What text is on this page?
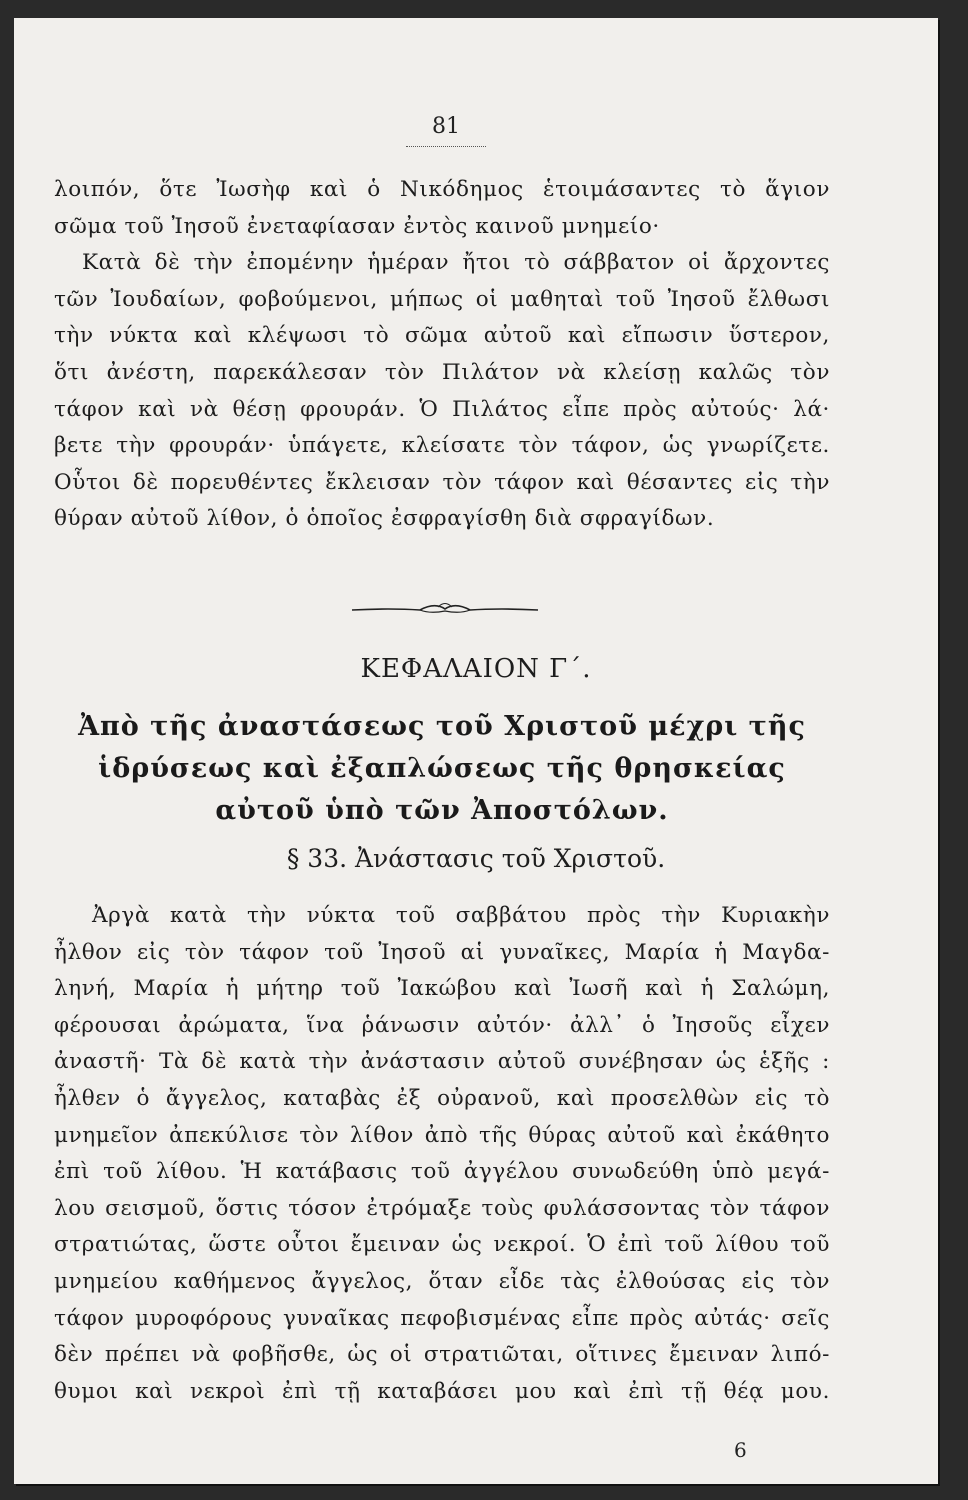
81
λοιπόν, ὅτε Ἰωσὴφ καὶ ὁ Νικόδημος ἑτοιμάσαντες τὸ ἅγιον
σῶμα τοῦ Ἰησοῦ ἐνεταφίασαν ἐντὸς καινοῦ μνημείο·
Κατὰ δὲ τὴν ἐπομένην ἡμέραν ἤτοι τὸ σάββατον οἱ ἄρχοντες
τῶν Ἰουδαίων, φοβούμενοι, μήπως οἱ μαθηταὶ τοῦ Ἰησοῦ ἔλθωσι
τὴν νύκτα καὶ κλέψωσι τὸ σῶμα αὐτοῦ καὶ εἴπωσιν ὕστερον,
ὅτι ἀνέστη, παρεκάλεσαν τὸν Πιλάτον νὰ κλείσῃ καλῶς τὸν
τάφον καὶ νὰ θέσῃ φρουράν. Ὁ Πιλάτος εἶπε πρὸς αὐτούς· λά·
βετε τὴν φρουράν· ὑπάγετε, κλείσατε τὸν τάφον, ὡς γνωρίζετε.
Οὗτοι δὲ πορευθέντες ἔκλεισαν τὸν τάφον καὶ θέσαντες εἰς τὴν
θύραν αὐτοῦ λίθον, ὁ ὁποῖος ἐσφραγίσθη διὰ σφραγίδων.
ΚΕΦΑΛΑΙΟΝ Γ΄.
Ἀπὸ τῆς ἀναστάσεως τοῦ Χριστοῦ μέχρι τῆς
ἱδρύσεως καὶ ἐξαπλώσεως τῆς θρησκείας
αὐτοῦ ὑπὸ τῶν Ἀποστόλων.
§ 33. Ἀνάστασις τοῦ Χριστοῦ.
Ἀργὰ κατὰ τὴν νύκτα τοῦ σαββάτου πρὸς τὴν Κυριακὴν
ἦλθον εἰς τὸν τάφον τοῦ Ἰησοῦ αἱ γυναῖκες, Μαρία ἡ Μαγδα-
ληνή, Μαρία ἡ μήτηρ τοῦ Ἰακώβου καὶ Ἰωσῆ καὶ ἡ Σαλώμη,
φέρουσαι ἀρώματα, ἵνα ῥάνωσιν αὐτόν· ἀλλ᾽ ὁ Ἰησοῦς εἶχεν
ἀναστῆ· Τὰ δὲ κατὰ τὴν ἀνάστασιν αὐτοῦ συνέβησαν ὡς ἑξῆς :
ἦλθεν ὁ ἄγγελος, καταβὰς ἐξ οὐρανοῦ, καὶ προσελθὼν εἰς τὸ
μνημεῖον ἀπεκύλισε τὸν λίθον ἀπὸ τῆς θύρας αὐτοῦ καὶ ἐκάθητο
ἐπὶ τοῦ λίθου. Ἡ κατάβασις τοῦ ἀγγέλου συνωδεύθη ὑπὸ μεγά-
λου σεισμοῦ, ὅστις τόσον ἐτρόμαξε τοὺς φυλάσσοντας τὸν τάφον
στρατιώτας, ὥστε οὗτοι ἔμειναν ὡς νεκροί. Ὁ ἐπὶ τοῦ λίθου τοῦ
μνημείου καθήμενος ἄγγελος, ὅταν εἶδε τὰς ἐλθούσας εἰς τὸν
τάφον μυροφόρους γυναῖκας πεφοβισμένας εἶπε πρὸς αὐτάς· σεῖς
δὲν πρέπει νὰ φοβῆσθε, ὡς οἱ στρατιῶται, οἵτινες ἔμειναν λιπό-
θυμοι καὶ νεκροὶ ἐπὶ τῇ καταβάσει μου καὶ ἐπὶ τῇ θέᾳ μου.
6
